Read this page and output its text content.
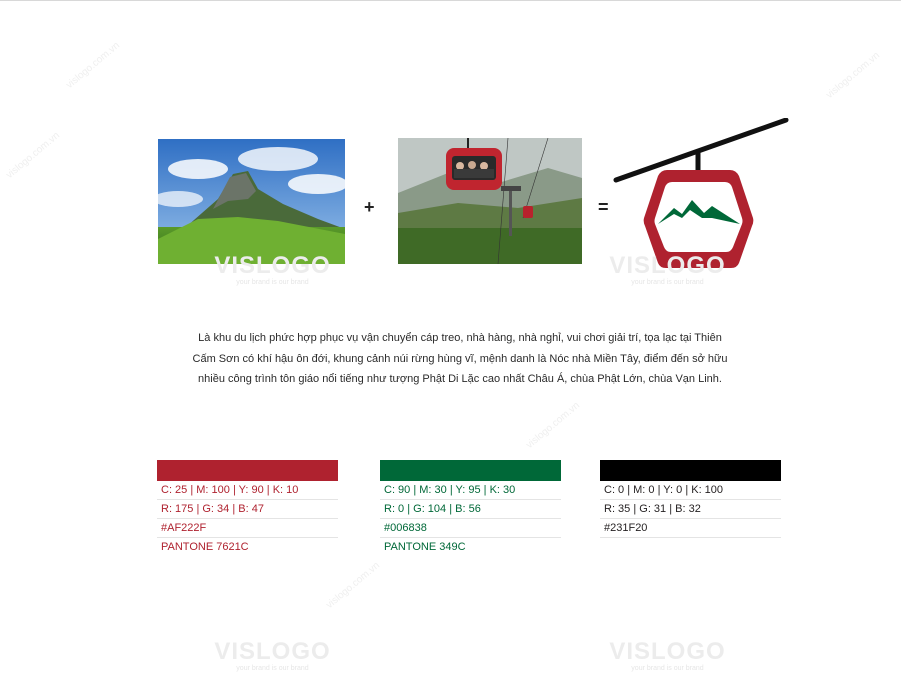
vislogo.com.vn	vislogo.com.vn
vislogo.com.vn
vislogo.com.vn
vislogo.com.vn
+	=
VISLOGO
your brand is our brand
VISLOGO
your brand is our brand
VISLOGO
your brand is our brand
VISLOGO
your brand is our brand
Là khu du lịch phức hợp phục vụ vận chuyển cáp treo, nhà hàng, nhà nghỉ, vui chơi giải trí, tọa lạc tại Thiên Cấm Sơn có khí hậu ôn đới, khung cảnh núi rừng hùng vĩ, mệnh danh là Nóc nhà Miền Tây, điểm đến sở hữu nhiều công trình tôn giáo nổi tiếng như tượng Phật Di Lặc cao nhất Châu Á, chùa Phật Lớn, chùa Vạn Linh.
C: 25 | M: 100 | Y: 90 | K: 10
R: 175 | G: 34 | B: 47
#AF222F
PANTONE 7621C
C: 90 | M: 30 | Y: 95 | K: 30
R: 0 | G: 104 | B: 56
#006838
PANTONE 349C
C: 0 | M: 0 | Y: 0 | K: 100
R: 35 | G: 31 | B: 32
#231F20
